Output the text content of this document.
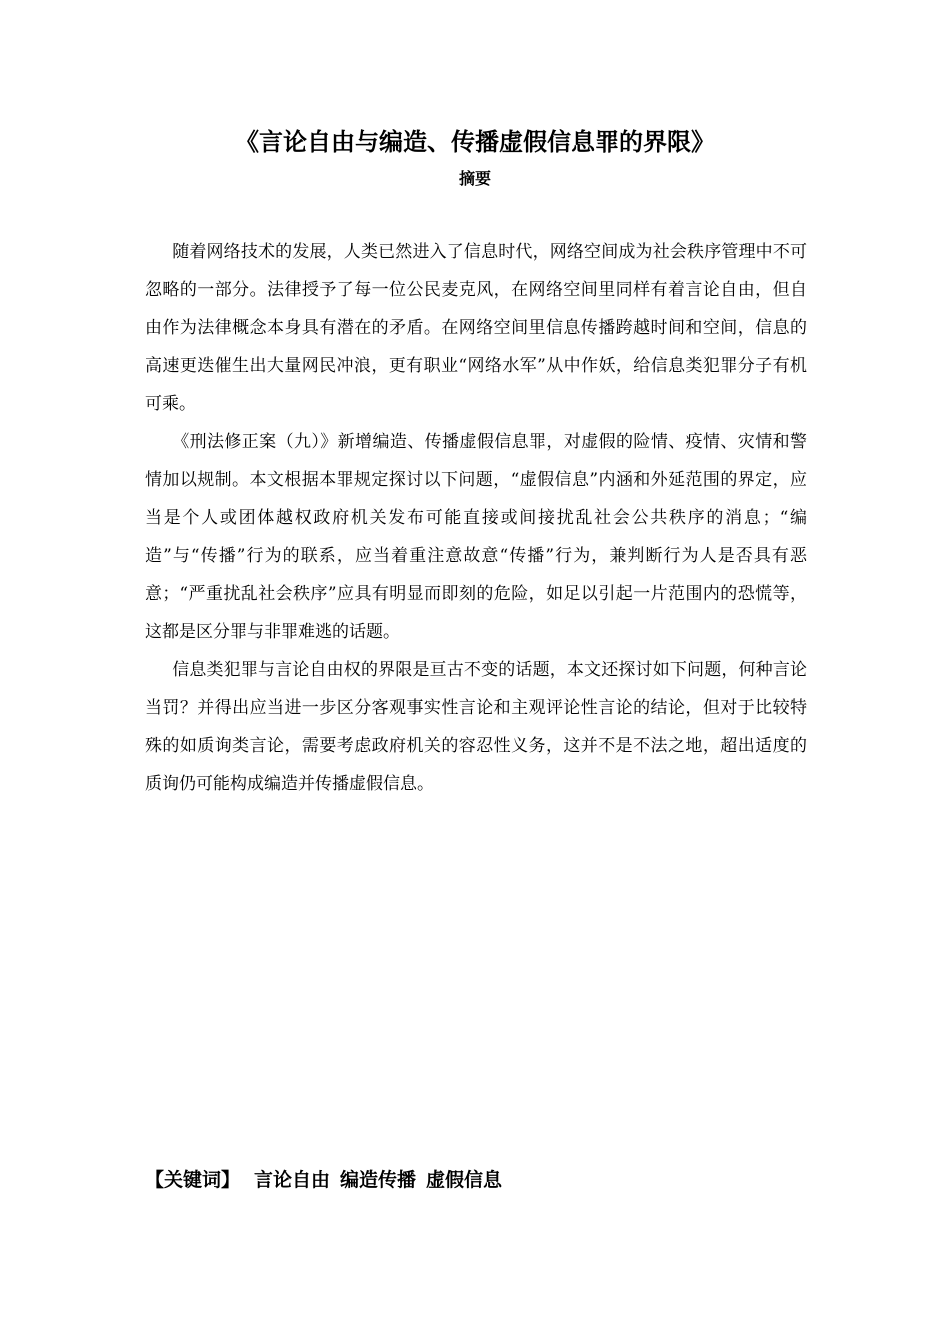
《言论自由与编造、传播虚假信息罪的界限》
摘要

随着网络技术的发展，人类已然进入了信息时代，网络空间成为社会秩序管理中不可忽略的一部分。法律授予了每一位公民麦克风，在网络空间里同样有着言论自由，但自由作为法律概念本身具有潜在的矛盾。在网络空间里信息传播跨越时间和空间，信息的高速更迭催生出大量网民冲浪，更有职业“网络水军”从中作妖，给信息类犯罪分子有机可乘。

《刑法修正案（九）》新增编造、传播虚假信息罪，对虚假的险情、疫情、灾情和警情加以规制。本文根据本罪规定探讨以下问题，“虚假信息”内涵和外延范围的界定，应当是个人或团体越权政府机关发布可能直接或间接扰乱社会公共秩序的消息；“编造”与“传播”行为的联系，应当着重注意故意“传播”行为，兼判断行为人是否具有恶意；“严重扰乱社会秩序”应具有明显而即刻的危险，如足以引起一片范围内的恐慌等，这都是区分罪与非罪难逃的话题。

信息类犯罪与言论自由权的界限是亘古不变的话题，本文还探讨如下问题，何种言论当罚？并得出应当进一步区分客观事实性言论和主观评论性言论的结论，但对于比较特殊的如质询类言论，需要考虑政府机关的容忍性义务，这并不是不法之地，超出适度的质询仍可能构成编造并传播虚假信息。

【关键词】 言论自由 编造传播 虚假信息
